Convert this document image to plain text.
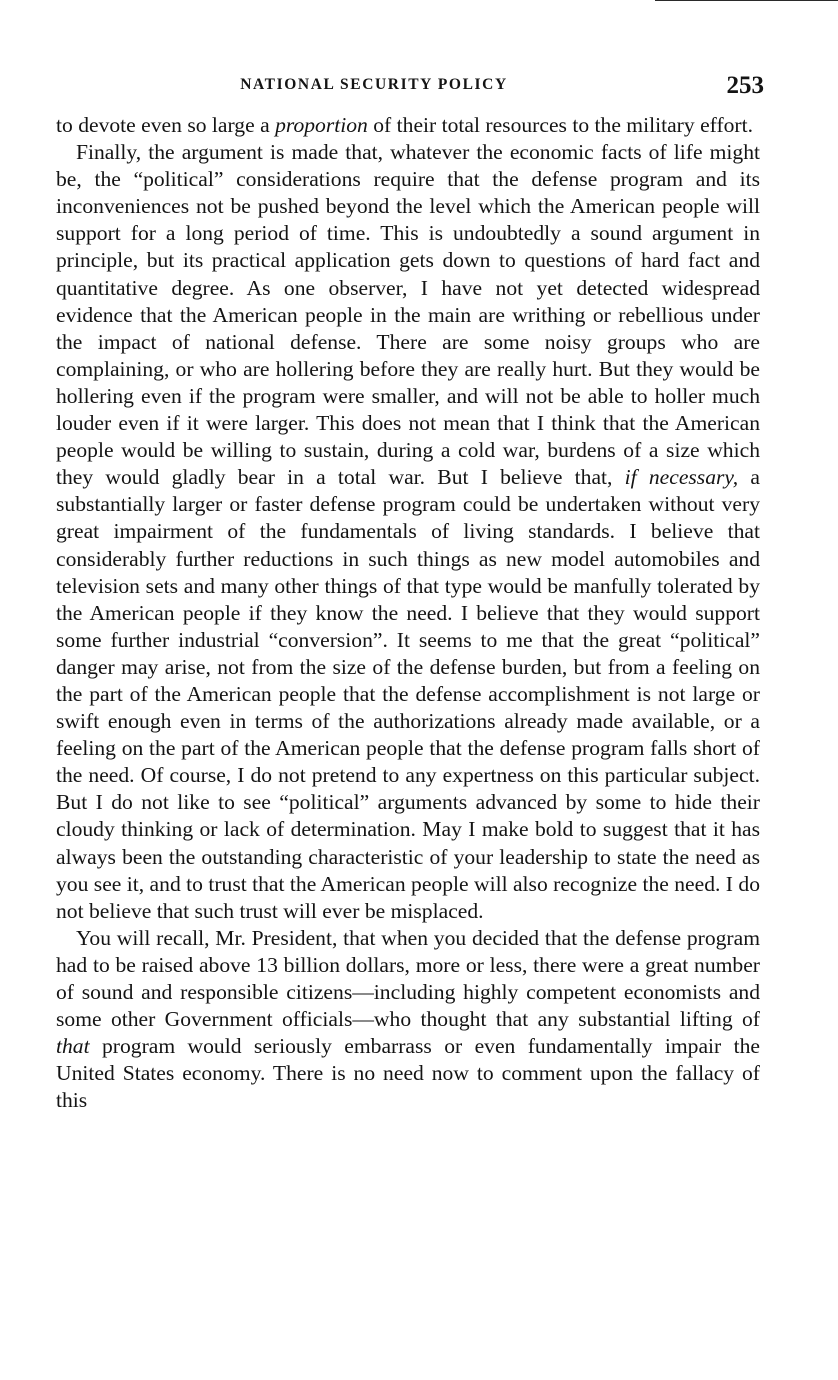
NATIONAL SECURITY POLICY	253

to devote even so large a proportion of their total resources to the military effort.

Finally, the argument is made that, whatever the economic facts of life might be, the “political” considerations require that the defense program and its inconveniences not be pushed beyond the level which the American people will support for a long period of time. This is undoubtedly a sound argument in principle, but its practical application gets down to questions of hard fact and quantitative degree. As one observer, I have not yet detected widespread evidence that the American people in the main are writhing or rebellious under the impact of national defense. There are some noisy groups who are complaining, or who are hollering before they are really hurt. But they would be hollering even if the program were smaller, and will not be able to holler much louder even if it were larger. This does not mean that I think that the American people would be willing to sustain, during a cold war, burdens of a size which they would gladly bear in a total war. But I believe that, if necessary, a substantially larger or faster defense program could be undertaken without very great impairment of the fundamentals of living standards. I believe that considerably further reductions in such things as new model automobiles and television sets and many other things of that type would be manfully tolerated by the American people if they know the need. I believe that they would support some further industrial “conversion”. It seems to me that the great “political” danger may arise, not from the size of the defense burden, but from a feeling on the part of the American people that the defense accomplishment is not large or swift enough even in terms of the authorizations already made available, or a feeling on the part of the American people that the defense program falls short of the need. Of course, I do not pretend to any expertness on this particular subject. But I do not like to see “political” arguments advanced by some to hide their cloudy thinking or lack of determination. May I make bold to suggest that it has always been the outstanding characteristic of your leadership to state the need as you see it, and to trust that the American people will also recognize the need. I do not believe that such trust will ever be misplaced.

You will recall, Mr. President, that when you decided that the defense program had to be raised above 13 billion dollars, more or less, there were a great number of sound and responsible citizens—including highly competent economists and some other Government officials—who thought that any substantial lifting of that program would seriously embarrass or even fundamentally impair the United States economy. There is no need now to comment upon the fallacy of this
